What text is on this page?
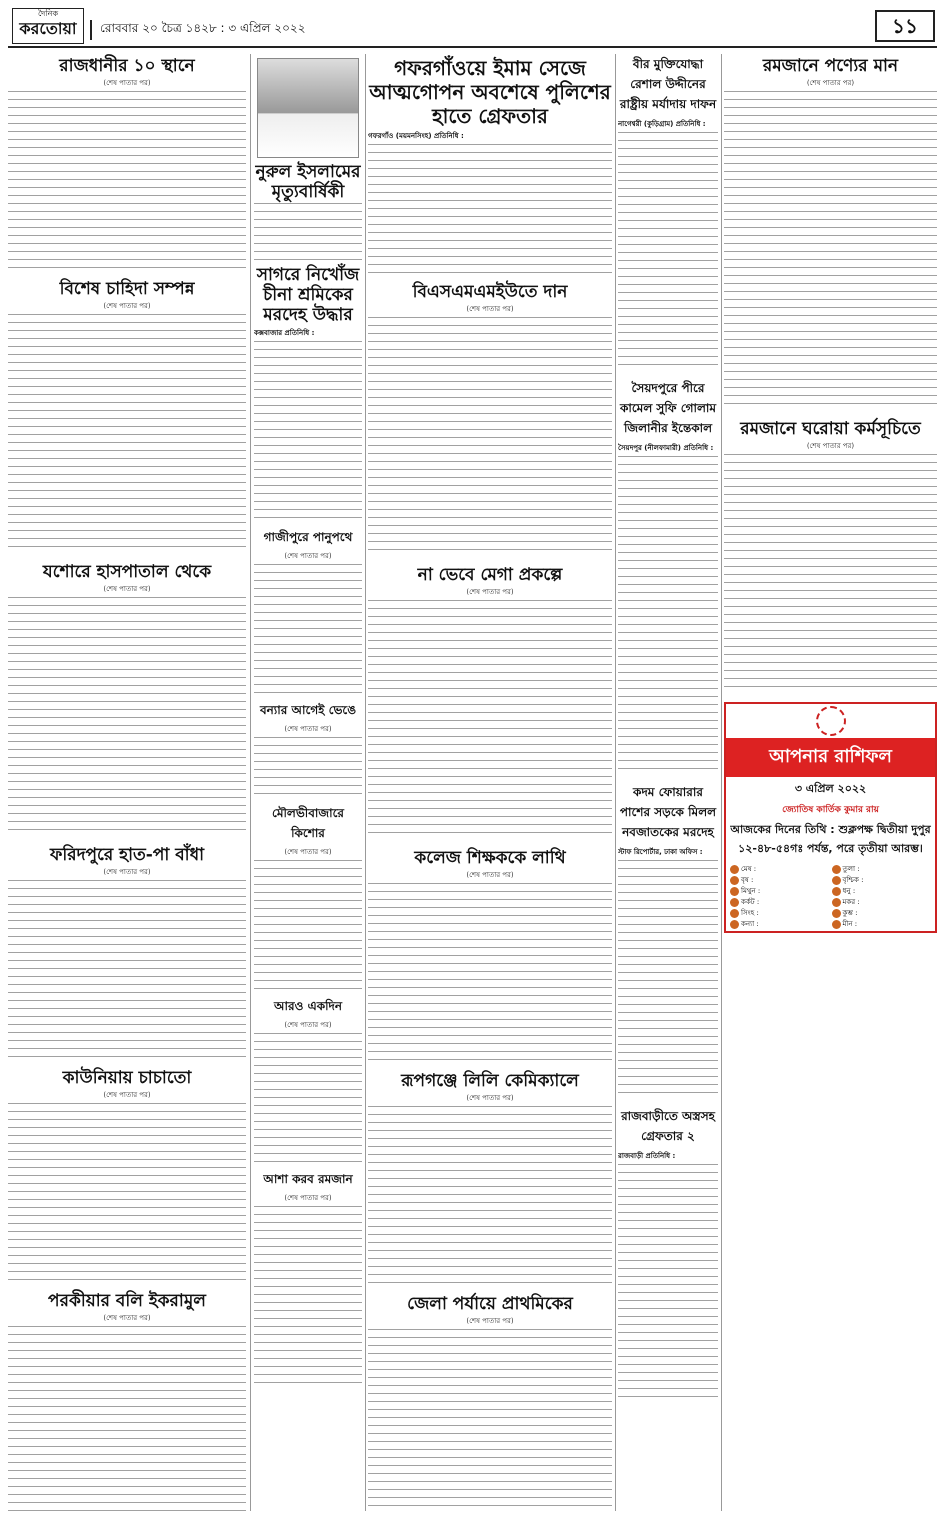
দৈনিক
করতোয়া	রোববার ২০ চৈত্র ১৪২৮ : ৩ এপ্রিল ২০২২	১১
রাজধানীর ১০ স্থানে
(শেষ পাতার পর)
বিশেষ চাহিদা সম্পন্ন
(শেষ পাতার পর)
যশোরে হাসপাতাল থেকে
(শেষ পাতার পর)
ফরিদপুরে হাত-পা বাঁধা
(শেষ পাতার পর)
কাউনিয়ায় চাচাতো
(শেষ পাতার পর)
পরকীয়ার বলি ইকরামুল
(শেষ পাতার পর)
নুরুল ইসলামের মৃত্যুবার্ষিকী
সাগরে নিখোঁজ চীনা শ্রমিকের মরদেহ উদ্ধার
কক্সবাজার প্রতিনিধি :
গাজীপুরে পানুপথে
(শেষ পাতার পর)
বন্যার আগেই ভেঙে
(শেষ পাতার পর)
মৌলভীবাজারে কিশোর
(শেষ পাতার পর)
আরও একদিন
(শেষ পাতার পর)
আশা করব রমজান
(শেষ পাতার পর)
গফরগাঁওয়ে ইমাম সেজে আত্মগোপন অবশেষে পুলিশের হাতে গ্রেফতার
গফরগাঁও (ময়মনসিংহ) প্রতিনিধি :
বিএসএমএমইউতে দান
(শেষ পাতার পর)
না ভেবে মেগা প্রকল্পে
(শেষ পাতার পর)
কলেজ শিক্ষককে লাথি
(শেষ পাতার পর)
রূপগঞ্জে লিলি কেমিক্যালে
(শেষ পাতার পর)
জেলা পর্যায়ে প্রাথমিকের
(শেষ পাতার পর)
বীর মুক্তিযোদ্ধা রেশাল উদ্দীনের রাষ্ট্রীয় মর্যাদায় দাফন
নাগেশ্বরী (কুড়িগ্রাম) প্রতিনিধি :
সৈয়দপুরে পীরে কামেল সুফি গোলাম জিলানীর ইন্তেকাল
সৈয়দপুর (নীলফামারী) প্রতিনিধি :
কদম ফোয়ারার পাশের সড়কে মিলল নবজাতকের মরদেহ
স্টাফ রিপোর্টার, ঢাকা অফিস :
রাজবাড়ীতে অস্ত্রসহ গ্রেফতার ২
রাজবাড়ী প্রতিনিধি :
রমজানে পণ্যের মান
(শেষ পাতার পর)
রমজানে ঘরোয়া কর্মসূচিতে
(শেষ পাতার পর)
আপনার রাশিফল
৩ এপ্রিল ২০২২
জ্যোতিষ কার্তিক কুমার রায়
আজকের দিনের তিথি : শুক্লপক্ষ দ্বিতীয়া দুপুর ১২-৪৮-৫৪গঃ পর্যন্ত, পরে তৃতীয়া আরম্ভ।
মেষ :	তুলা :
বৃষ :	বৃশ্চিক :
মিথুন :	ধনু :
কর্কট :	মকর :
সিংহ :	কুম্ভ :
কন্যা :	মীন :
